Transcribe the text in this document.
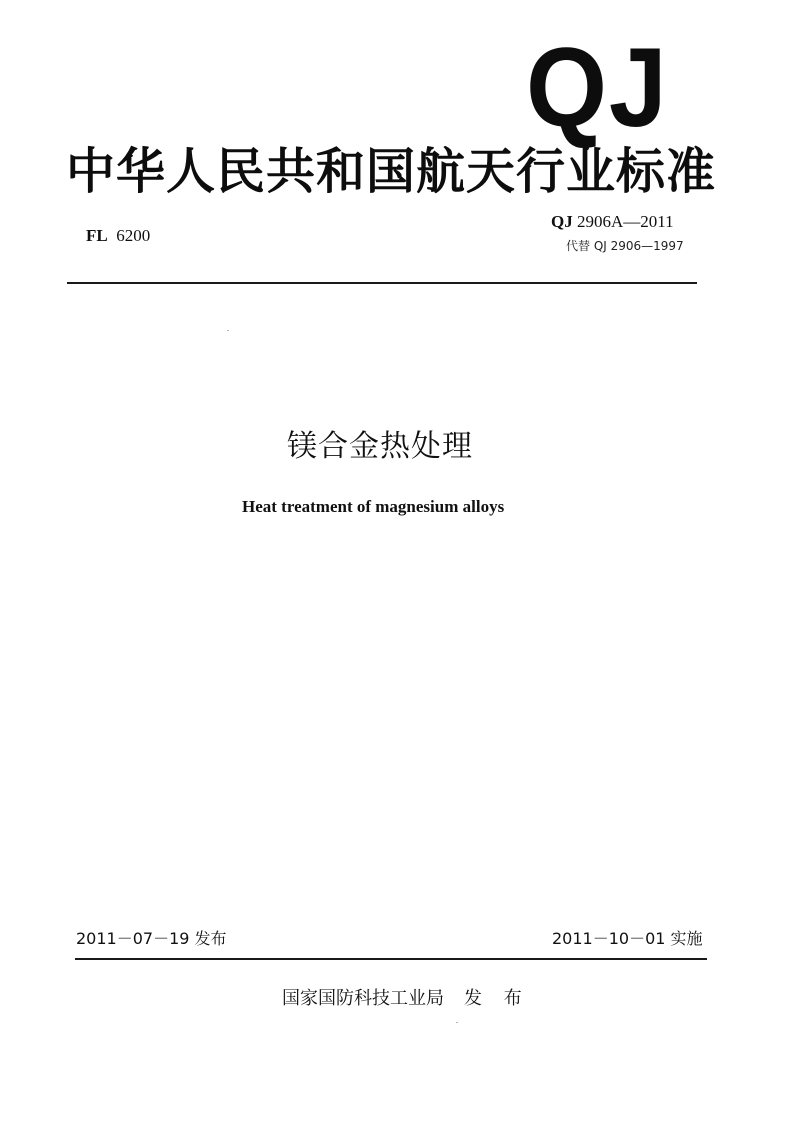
QJ
中华人民共和国航天行业标准
FL 6200
QJ 2906A—2011
代替 QJ 2906—1997
镁合金热处理
Heat treatment of magnesium alloys
2011－07－19 发布	2011－10－01 实施
国家国防科技工业局 发 布
